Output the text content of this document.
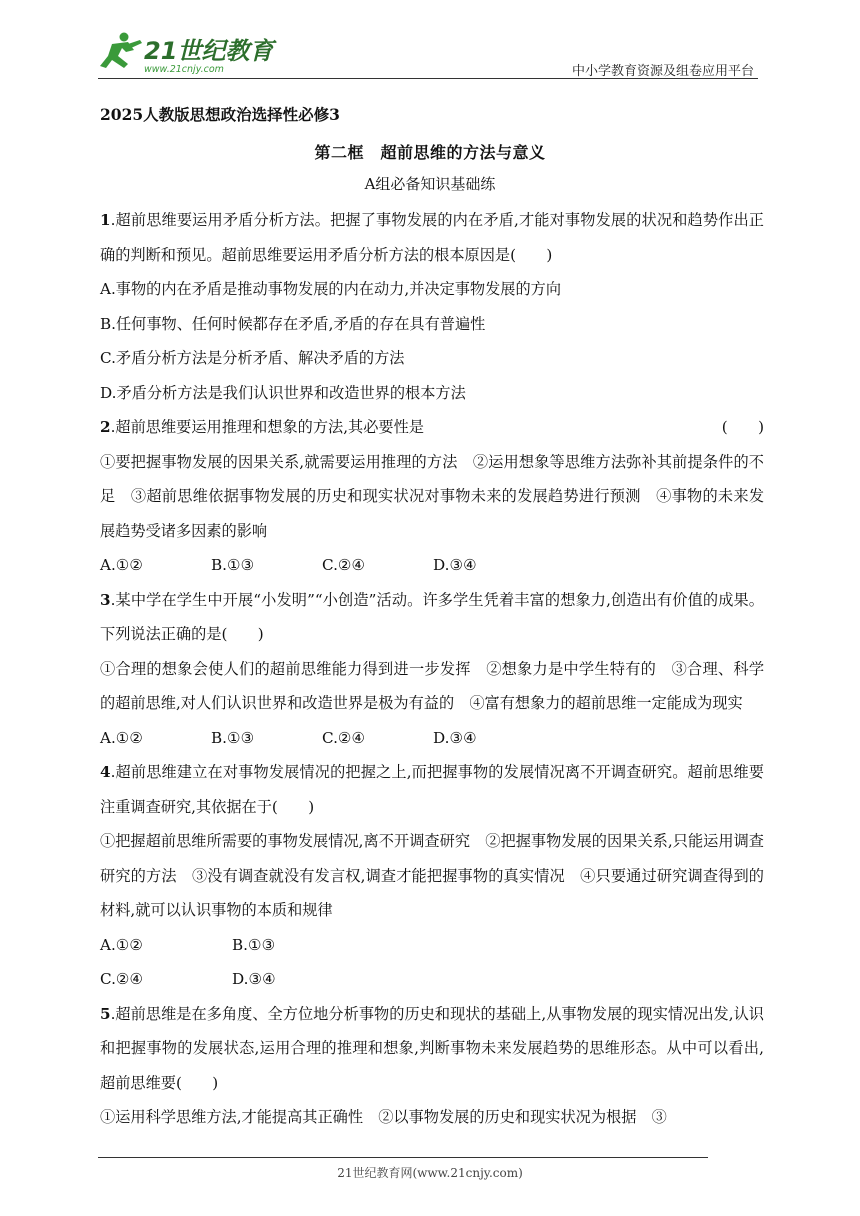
21世纪教育
www.21cnjy.com	中小学教育资源及组卷应用平台
2025人教版思想政治选择性必修3
第二框　超前思维的方法与意义
A组必备知识基础练

1.超前思维要运用矛盾分析方法。把握了事物发展的内在矛盾,才能对事物发展的状况和趋势作出正确的判断和预见。超前思维要运用矛盾分析方法的根本原因是(　　)

A.事物的内在矛盾是推动事物发展的内在动力,并决定事物发展的方向

B.任何事物、任何时候都存在矛盾,矛盾的存在具有普遍性

C.矛盾分析方法是分析矛盾、解决矛盾的方法

D.矛盾分析方法是我们认识世界和改造世界的根本方法

2.超前思维要运用推理和想象的方法,其必要性是	(　　)

①要把握事物发展的因果关系,就需要运用推理的方法　②运用想象等思维方法弥补其前提条件的不足　③超前思维依据事物发展的历史和现实状况对事物未来的发展趋势进行预测　④事物的未来发展趋势受诸多因素的影响

A.①②	B.①③	C.②④	D.③④

3.某中学在学生中开展“小发明”“小创造”活动。许多学生凭着丰富的想象力,创造出有价值的成果。下列说法正确的是(　　)

①合理的想象会使人们的超前思维能力得到进一步发挥　②想象力是中学生特有的　③合理、科学的超前思维,对人们认识世界和改造世界是极为有益的　④富有想象力的超前思维一定能成为现实

A.①②	B.①③	C.②④	D.③④

4.超前思维建立在对事物发展情况的把握之上,而把握事物的发展情况离不开调查研究。超前思维要注重调查研究,其依据在于(　　)

①把握超前思维所需要的事物发展情况,离不开调查研究　②把握事物发展的因果关系,只能运用调查研究的方法　③没有调查就没有发言权,调查才能把握事物的真实情况　④只要通过研究调查得到的材料,就可以认识事物的本质和规律

A.①②	B.①③

C.②④	D.③④

5.超前思维是在多角度、全方位地分析事物的历史和现状的基础上,从事物发展的现实情况出发,认识和把握事物的发展状态,运用合理的推理和想象,判断事物未来发展趋势的思维形态。从中可以看出,超前思维要(　　)

①运用科学思维方法,才能提高其正确性　②以事物发展的历史和现实状况为根据　③

21世纪教育网(www.21cnjy.com)
